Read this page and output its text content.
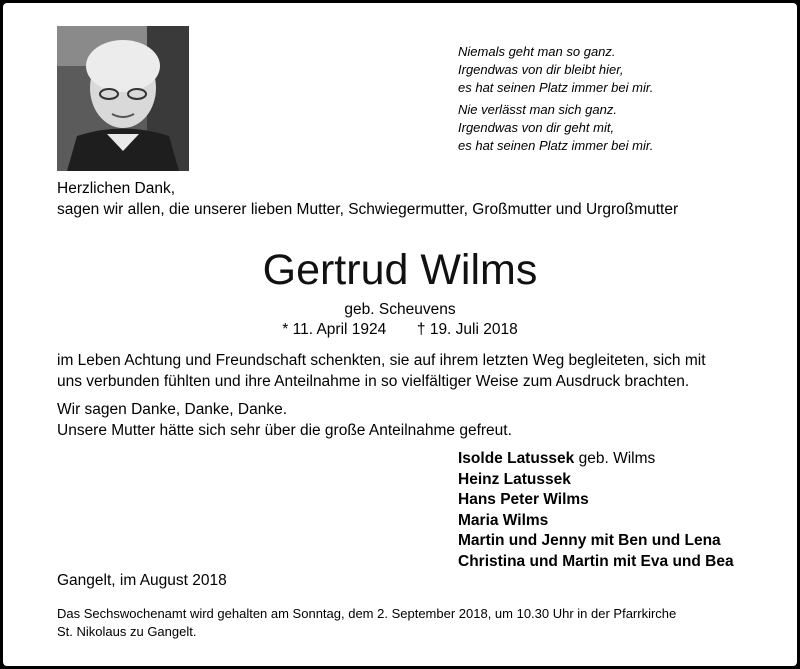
Niemals geht man so ganz.
Irgendwas von dir bleibt hier,
es hat seinen Platz immer bei mir.
Nie verlässt man sich ganz.
Irgendwas von dir geht mit,
es hat seinen Platz immer bei mir.
Herzlichen Dank,
sagen wir allen, die unserer lieben Mutter, Schwiegermutter, Großmutter und Urgroßmutter
Gertrud Wilms
geb. Scheuvens
* 11. April 1924 † 19. Juli 2018
im Leben Achtung und Freundschaft schenkten, sie auf ihrem letzten Weg begleiteten, sich mit
uns verbunden fühlten und ihre Anteilnahme in so vielfältiger Weise zum Ausdruck brachten.
Wir sagen Danke, Danke, Danke.
Unsere Mutter hätte sich sehr über die große Anteilnahme gefreut.
Isolde Latussek geb. Wilms
Heinz Latussek
Hans Peter Wilms
Maria Wilms
Martin und Jenny mit Ben und Lena
Christina und Martin mit Eva und Bea
Gangelt, im August 2018
Das Sechswochenamt wird gehalten am Sonntag, dem 2. September 2018, um 10.30 Uhr in der Pfarrkirche
St. Nikolaus zu Gangelt.
